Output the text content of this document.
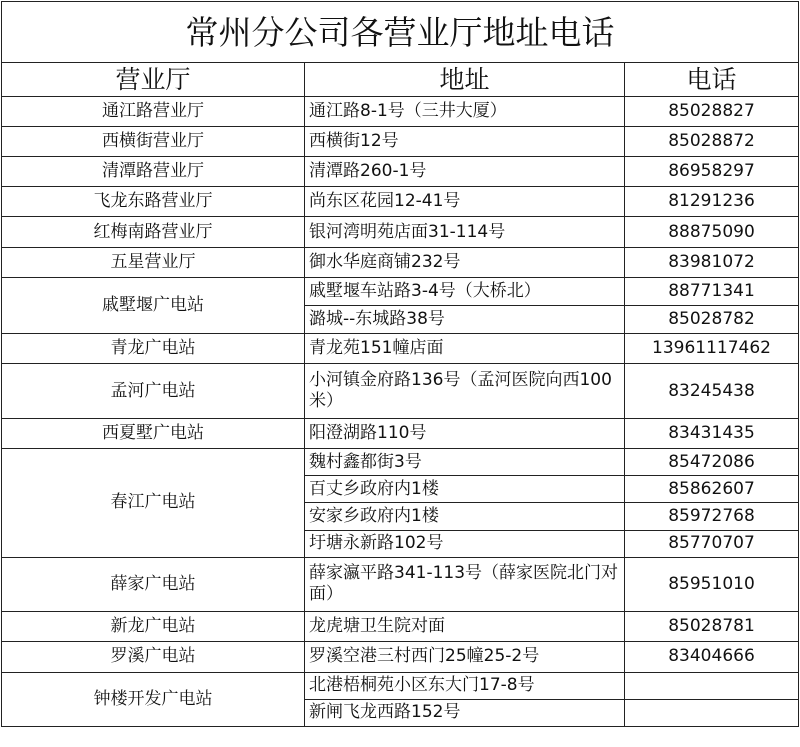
常州分公司各营业厅地址电话		
营业厅	地址	电话
通江路营业厅	通江路8-1号（三井大厦）	85028827
西横街营业厅	西横街12号	85028872
清潭路营业厅	清潭路260-1号	86958297
飞龙东路营业厅	尚东区花园12-41号	81291236
红梅南路营业厅	银河湾明苑店面31-114号	88875090
五星营业厅	御水华庭商铺232号	83981072
戚墅堰广电站	戚墅堰车站路3-4号（大桥北）	88771341
	潞城--东城路38号	85028782
青龙广电站	青龙苑151幢店面	13961117462
孟河广电站	小河镇金府路136号（孟河医院向西100米）	83245438
西夏墅广电站	阳澄湖路110号	83431435
春江广电站	魏村鑫都街3号	85472086
	百丈乡政府内1楼	85862607
	安家乡政府内1楼	85972768
	圩塘永新路102号	85770707
薛家广电站	薛家瀛平路341-113号（薛家医院北门对面）	85951010
新龙广电站	龙虎塘卫生院对面	85028781
罗溪广电站	罗溪空港三村西门25幢25-2号	83404666
钟楼开发广电站	北港梧桐苑小区东大门17-8号	
	新闸飞龙西路152号	
